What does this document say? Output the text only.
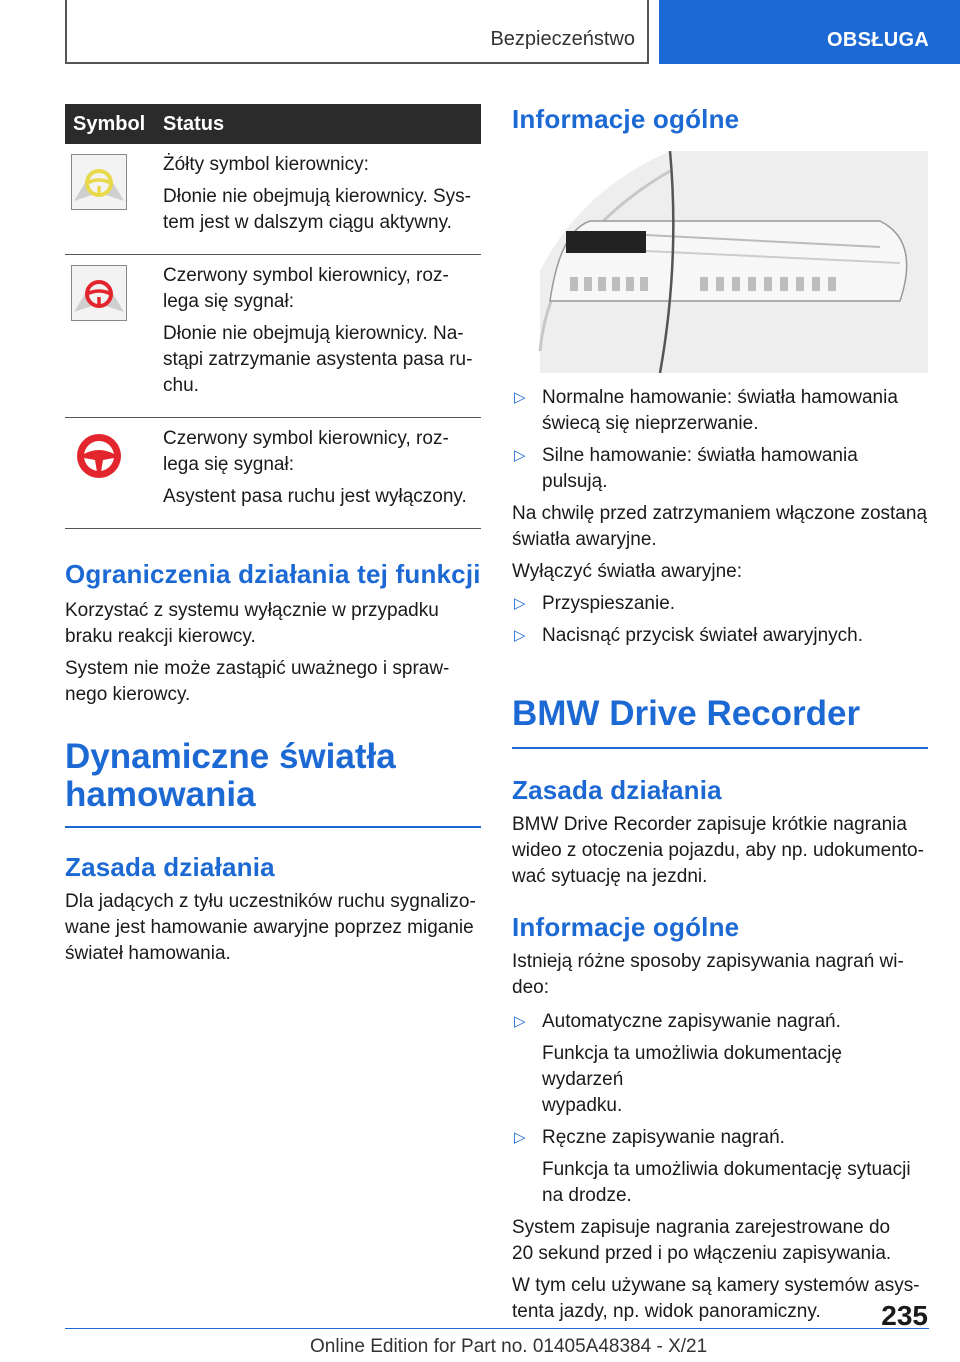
Bezpieczeństwo	OBSŁUGA
Symbol	Status

Żółty symbol kierownicy:

Dłonie nie obejmują kierownicy. Sys-
tem jest w dalszym ciągu aktywny.

Czerwony symbol kierownicy, roz-
lega się sygnał:

Dłonie nie obejmują kierownicy. Na-
stąpi zatrzymanie asystenta pasa ru-
chu.

Czerwony symbol kierownicy, roz-
lega się sygnał:

Asystent pasa ruchu jest wyłączony.

Ograniczenia działania tej funkcji

Korzystać z systemu wyłącznie w przypadku
braku reakcji kierowcy.

System nie może zastąpić uważnego i spraw-
nego kierowcy.

Dynamiczne światła
hamowania
Zasada działania

Dla jadących z tyłu uczestników ruchu sygnalizo-
wane jest hamowanie awaryjne poprzez miganie
świateł hamowania.

Informacje ogólne
▷ Normalne hamowanie: światła hamowania
świecą się nieprzerwanie.

▷ Silne hamowanie: światła hamowania pulsują.

Na chwilę przed zatrzymaniem włączone zostaną
światła awaryjne.

Wyłączyć światła awaryjne:

▷ Przyspieszanie.

▷ Nacisnąć przycisk świateł awaryjnych.

BMW Drive Recorder
Zasada działania

BMW Drive Recorder zapisuje krótkie nagrania
wideo z otoczenia pojazdu, aby np. udokumento-
wać sytuację na jezdni.

Informacje ogólne

Istnieją różne sposoby zapisywania nagrań wi-
deo:

▷ Automatyczne zapisywanie nagrań.

Funkcja ta umożliwia dokumentację wydarzeń
wypadku.

▷ Ręczne zapisywanie nagrań.

Funkcja ta umożliwia dokumentację sytuacji
na drodze.

System zapisuje nagrania zarejestrowane do
20 sekund przed i po włączeniu zapisywania.

W tym celu używane są kamery systemów asys-
tenta jazdy, np. widok panoramiczny.	235
Online Edition for Part no. 01405A48384 - X/21
